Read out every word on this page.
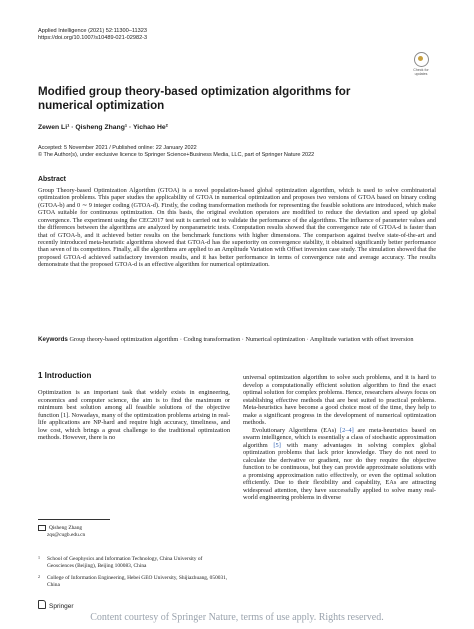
Applied Intelligence (2021) 52:11300–11323
https://doi.org/10.1007/s10489-021-02982-3
Check for updates
Modified group theory-based optimization algorithms for numerical optimization
Zewen Li¹ · Qisheng Zhang¹ · Yichao He²
Accepted: 5 November 2021 / Published online: 22 January 2022
© The Author(s), under exclusive licence to Springer Science+Business Media, LLC, part of Springer Nature 2022
Abstract
Group Theory-based Optimization Algorithm (GTOA) is a novel population-based global optimization algorithm, which is used to solve combinatorial optimization problems. This paper studies the applicability of GTOA in numerical optimization and proposes two versions of GTOA based on binary coding (GTOA-b) and 0 ∼ 9 integer coding (GTOA-d). Firstly, the coding transformation methods for representing the feasible solutions are introduced, which make GTOA suitable for continuous optimization. On this basis, the original evolution operators are modified to reduce the deviation and speed up global convergence. The experiment using the CEC2017 test suit is carried out to validate the performance of the algorithms. The influence of parameter values and the differences between the algorithms are analyzed by nonparametric tests. Computation results showed that the convergence rate of GTOA-d is faster than that of GTOA-b, and it achieved better results on the benchmark functions with higher dimensions. The comparison against twelve state-of-the-art and recently introduced meta-heuristic algorithms showed that GTOA-d has the superiority on convergence stability, it obtained significantly better performance than seven of its competitors. Finally, all the algorithms are applied to an Amplitude Variation with Offset inversion case study. The simulation showed that the proposed GTOA-d achieved satisfactory inversion results, and it has better performance in terms of convergence rate and average accuracy. The results demonstrate that the proposed GTOA-d is an effective algorithm for numerical optimization.
Keywords Group theory-based optimization algorithm · Coding transformation · Numerical optimization · Amplitude variation with offset inversion
1 Introduction

Optimization is an important task that widely exists in engineering, economics and computer science, the aim is to find the maximum or minimum best solution among all feasible solutions of the objective function [1]. Nowadays, many of the optimization problems arising in real-life applications are NP-hard and require high accuracy, timeliness, and low cost, which brings a great challenge to the traditional optimization methods. However, there is no

universal optimization algorithm to solve such problems, and it is hard to develop a computationally efficient solution algorithm to find the exact optimal solution for complex problems. Hence, researchers always focus on establishing effective methods that are best suited to practical problems. Meta-heuristics have become a good choice most of the time, they help to make a significant progress in the development of numerical optimization methods.

Evolutionary Algorithms (EAs) [2–4] are meta-heuristics based on swarm intelligence, which is essentially a class of stochastic approximation algorithm [5] with many advantages in solving complex global optimization problems that lack prior knowledge. They do not need to calculate the derivative or gradient, nor do they require the objective function to be continuous, but they can provide approximate solutions with a promising approximation ratio effectively, or even the optimal solution efficiently. Due to their flexibility and capability, EAs are attracting widespread attention, they have successfully applied to solve many real-world engineering problems in diverse

Qisheng Zhang
zqs@cugb.edu.cn
1	School of Geophysics and Information Technology, China University of Geosciences (Beijing), Beijing 100083, China
2	College of Information Engineering, Hebei GEO University, Shijiazhuang, 050031, China
Springer
Content courtesy of Springer Nature, terms of use apply. Rights reserved.
